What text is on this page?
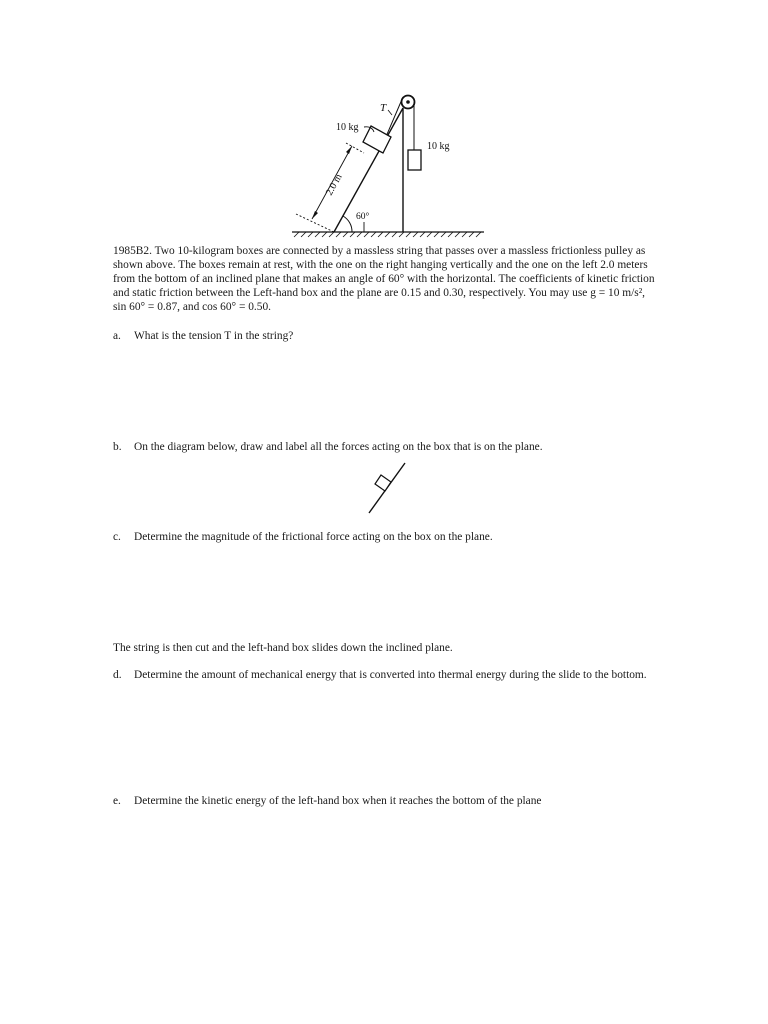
T
10 kg
10 kg
2.0 m
60°

1985B2. Two 10-kilogram boxes are connected by a massless string that passes over a massless frictionless pulley as shown above. The boxes remain at rest, with the one on the right hanging vertically and the one on the left 2.0 meters from the bottom of an inclined plane that makes an angle of 60° with the horizontal. The coefficients of kinetic friction and static friction between the Left-hand box and the plane are 0.15 and 0.30, respectively. You may use g = 10 m/s², sin 60° = 0.87, and cos 60° = 0.50.

a. What is the tension T in the string?
b. On the diagram below, draw and label all the forces acting on the box that is on the plane.
c. Determine the magnitude of the frictional force acting on the box on the plane.

The string is then cut and the left-hand box slides down the inclined plane.

d. Determine the amount of mechanical energy that is converted into thermal energy during the slide to the bottom.
e. Determine the kinetic energy of the left-hand box when it reaches the bottom of the plane
